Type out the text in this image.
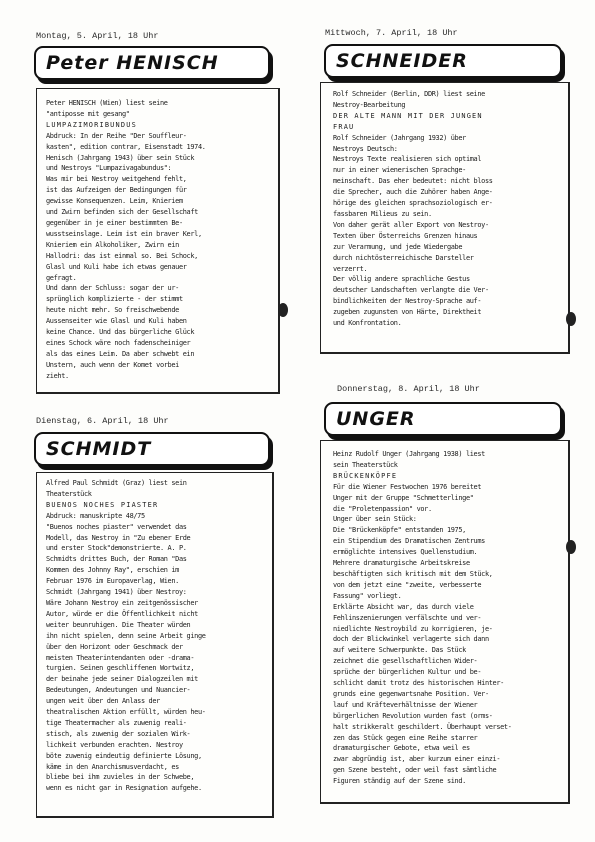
Montag, 5. April, 18 Uhr
Peter HENISCH
Peter HENISCH (Wien) liest seine
"antiposse mit gesang"
LUMPAZIMORIBUNDUS
Abdruck: In der Reihe "Der Souffleur-
kasten", edition contrar, Eisenstadt 1974.
Henisch (Jahrgang 1943) über sein Stück
und Nestroys "Lumpazivagabundus":
Was mir bei Nestroy weitgehend fehlt,
ist das Aufzeigen der Bedingungen für
gewisse Konsequenzen. Leim, Knieriem
und Zwirn befinden sich der Gesellschaft
gegenüber in je einer bestimmten Be-
wusstseinslage. Leim ist ein braver Kerl,
Knieriem ein Alkoholiker, Zwirn ein
Hallodri: das ist einmal so. Bei Schock,
Glasl und Kuli habe ich etwas genauer
gefragt.
Und dann der Schluss: sogar der ur-
sprünglich komplizierte - der stimmt
heute nicht mehr. So freischwebende
Aussenseiter wie Glasl und Kuli haben
keine Chance. Und das bürgerliche Glück
eines Schock wäre noch fadenscheiniger
als das eines Leim. Da aber schwebt ein
Unstern, auch wenn der Komet vorbei
zieht.
Mittwoch, 7. April, 18 Uhr
SCHNEIDER
Rolf Schneider (Berlin, DDR) liest seine
Nestroy-Bearbeitung
DER ALTE MANN MIT DER JUNGEN
FRAU
Rolf Schneider (Jahrgang 1932) über
Nestroys Deutsch:
Nestroys Texte realisieren sich optimal
nur in einer wienerischen Sprachge-
meinschaft. Das eher bedeutet: nicht bloss
die Sprecher, auch die Zuhörer haben Ange-
hörige des gleichen sprachsoziologisch er-
fassbaren Milieus zu sein.
Von daher gerät aller Export von Nestroy-
Texten über Österreichs Grenzen hinaus
zur Verarmung, und jede Wiedergabe
durch nichtösterreichische Darsteller
verzerrt.
Der völlig andere sprachliche Gestus
deutscher Landschaften verlangte die Ver-
bindlichkeiten der Nestroy-Sprache auf-
zugeben zugunsten von Härte, Direktheit
und Konfrontation.
Dienstag, 6. April, 18 Uhr
SCHMIDT
Alfred Paul Schmidt (Graz) liest sein
Theaterstück
BUENOS NOCHES PIASTER
Abdruck: manuskripte 48/75
"Buenos noches piaster" verwendet das
Modell, das Nestroy in "Zu ebener Erde
und erster Stock"demonstrierte. A. P.
Schmidts drittes Buch, der Roman "Das
Kommen des Johnny Ray", erschien im
Februar 1976 im Europaverlag, Wien.
Schmidt (Jahrgang 1941) über Nestroy:
Wäre Johann Nestroy ein zeitgenössischer
Autor, würde er die Öffentlichkeit nicht
weiter beunruhigen. Die Theater würden
ihn nicht spielen, denn seine Arbeit ginge
über den Horizont oder Geschmack der
meisten Theaterintendanten oder -drama-
turgien. Seinen geschliffenen Wortwitz,
der beinahe jede seiner Dialogzeilen mit
Bedeutungen, Andeutungen und Nuancier-
ungen weit über den Anlass der
theatralischen Aktion erfüllt, würden heu-
tige Theatermacher als zuwenig reali-
stisch, als zuwenig der sozialen Wirk-
lichkeit verbunden erachten. Nestroy
böte zuwenig eindeutig definierte Lösung,
käme in den Anarchismusverdacht, es
bliebe bei ihm zuvieles in der Schwebe,
wenn es nicht gar in Resignation aufgehe.
Donnerstag, 8. April, 18 Uhr
UNGER
Heinz Rudolf Unger (Jahrgang 1938) liest
sein Theaterstück
BRÜCKENKÖPFE
Für die Wiener Festwochen 1976 bereitet
Unger mit der Gruppe "Schmetterlinge"
die "Proletenpassion" vor.
Unger über sein Stück:
Die "Brückenköpfe" entstanden 1975,
ein Stipendium des Dramatischen Zentrums
ermöglichte intensives Quellenstudium.
Mehrere dramaturgische Arbeitskreise
beschäftigten sich kritisch mit dem Stück,
von dem jetzt eine "zweite, verbesserte
Fassung" vorliegt.
Erklärte Absicht war, das durch viele
Fehlinszenierungen verfälschte und ver-
niedlichte Nestroybild zu korrigieren, je-
doch der Blickwinkel verlagerte sich dann
auf weitere Schwerpunkte. Das Stück
zeichnet die gesellschaftlichen Wider-
sprüche der bürgerlichen Kultur und be-
schlicht damit trotz des historischen Hinter-
grunds eine gegenwartsnahe Position. Ver-
lauf und Kräfteverhältnisse der Wiener
bürgerlichen Revolution wurden fast (orms-
halt strikkeralt geschildert. Überhaupt verset-
zen das Stück gegen eine Reihe starrer
dramaturgischer Gebote, etwa weil es
zwar abgründig ist, aber kurzum einer einzi-
gen Szene besteht, oder weil fast sämtliche
Figuren ständig auf der Szene sind.
